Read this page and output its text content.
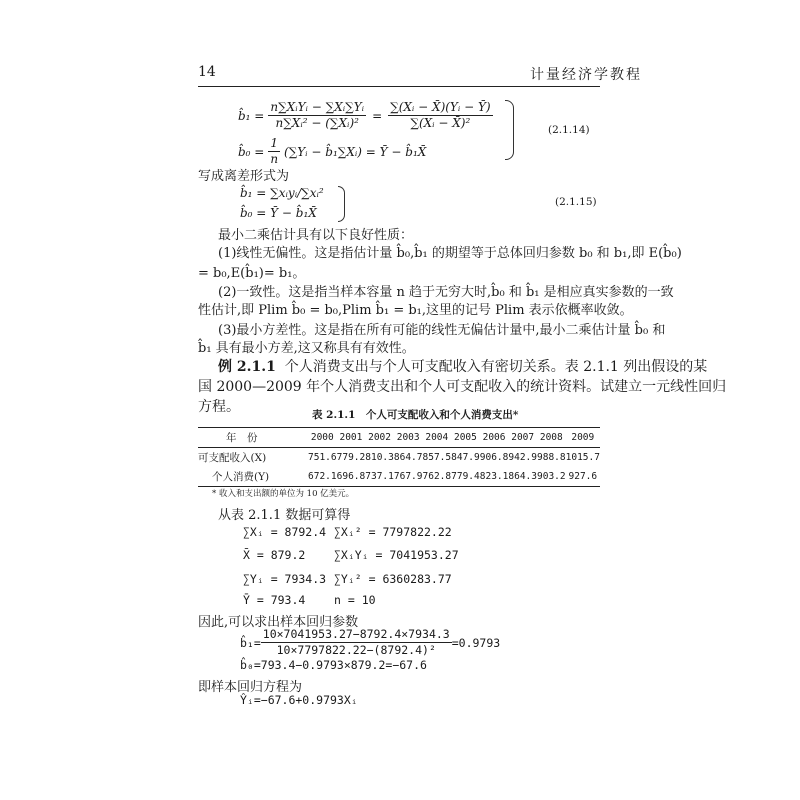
14	计量经济学教程
b̂₁ = $\frac{\text{n∑XᵢYᵢ − ∑Xᵢ∑Yᵢ}}{\text{n∑Xᵢ² − (∑Xᵢ)²}} = \frac{\text{∑(Xᵢ − X̄)(Yᵢ − Ȳ)}}{\text{∑(Xᵢ − X̄)²}}$
b̂₀ = $\frac{1}{n}$ (∑Yᵢ − b̂₁∑Xᵢ) = Ȳ − b̂₁X̄
(2.1.14)
写成离差形式为
b̂₁ = ∑xᵢyᵢ/∑xᵢ²
b̂₀ = Ȳ − b̂₁X̄
(2.1.15)
最小二乘估计具有以下良好性质：
(1)线性无偏性。这是指估计量 b̂₀,b̂₁ 的期望等于总体回归参数 b₀ 和 b₁,即 E(b̂₀)
= b₀,E(b̂₁)= b₁。
(2)一致性。这是指当样本容量 n 趋于无穷大时,b̂₀ 和 b̂₁ 是相应真实参数的一致
性估计,即 Plim b̂₀ = b₀,Plim b̂₁ = b₁,这里的记号 Plim 表示依概率收敛。
(3)最小方差性。这是指在所有可能的线性无偏估计量中,最小二乘估计量 b̂₀ 和
b̂₁ 具有最小方差,这又称具有有效性。
例 2.1.1 个人消费支出与个人可支配收入有密切关系。表 2.1.1 列出假设的某
国 2000—2009 年个人消费支出和个人可支配收入的统计资料。试建立一元线性回归
方程。	表 2.1.1　个人可支配收入和个人消费支出*
年　份	2000	2001	2002	2003	2004	2005	2006	2007	2008	2009
可支配收入(X)	751.6	779.2	810.3	864.7	857.5	847.9	906.8	942.9	988.8	1015.7
个人消费(Y)	672.1	696.8	737.1	767.9	762.8	779.4	823.1	864.3	903.2	927.6
* 收入和支出额的单位为 10 亿美元。
从表 2.1.1 数据可算得
∑Xᵢ = 8792.4 ∑Xᵢ² = 7797822.22
X̄ = 879.2 ∑XᵢYᵢ = 7041953.27
∑Yᵢ = 7934.3 ∑Yᵢ² = 6360283.77
Ȳ = 793.4 n = 10
因此,可以求出样本回归参数
b̂₁= $\frac{10\times 7041953.27-8792.4\times 7934.3}{\text{10×7797822.22−(8792.4)²}} =0.9793$
b̂₀=793.4−0.9793×879.2=−67.6
即样本回归方程为
Ŷᵢ=−67.6+0.9793Xᵢ
